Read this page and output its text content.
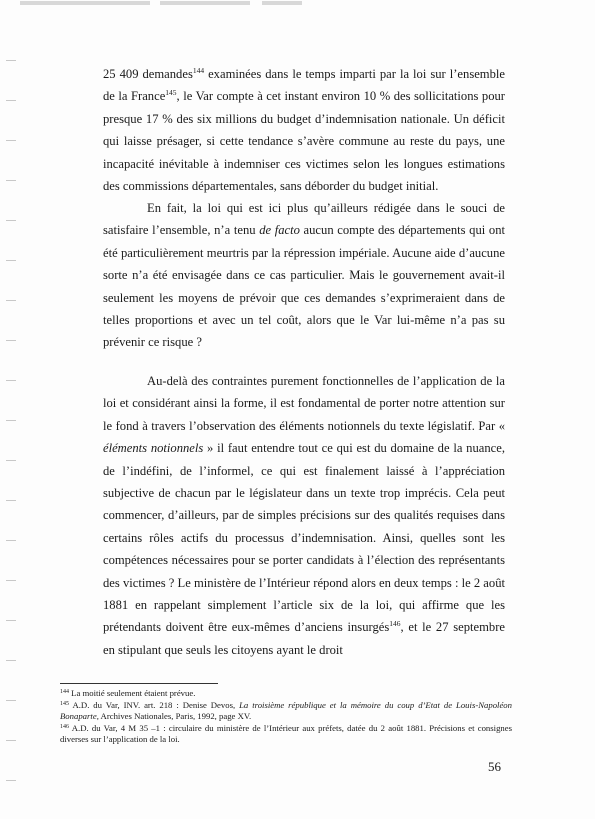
25 409 demandes$^{144}$ examinées dans le temps imparti par la loi sur l’ensemble de la France$^{145}$, le Var compte à cet instant environ 10 % des sollicitations pour presque 17 % des six millions du budget d’indemnisation nationale. Un déficit qui laisse présager, si cette tendance s’avère commune au reste du pays, une incapacité inévitable à indemniser ces victimes selon les longues estimations des commissions départementales, sans déborder du budget initial.

En fait, la loi qui est ici plus qu’ailleurs rédigée dans le souci de satisfaire l’ensemble, n’a tenu de facto aucun compte des départements qui ont été particulièrement meurtris par la répression impériale. Aucune aide d’aucune sorte n’a été envisagée dans ce cas particulier. Mais le gouvernement avait-il seulement les moyens de prévoir que ces demandes s’exprimeraient dans de telles proportions et avec un tel coût, alors que le Var lui-même n’a pas su prévenir ce risque ?

Au-delà des contraintes purement fonctionnelles de l’application de la loi et considérant ainsi la forme, il est fondamental de porter notre attention sur le fond à travers l’observation des éléments notionnels du texte législatif. Par « éléments notionnels » il faut entendre tout ce qui est du domaine de la nuance, de l’indéfini, de l’informel, ce qui est finalement laissé à l’appréciation subjective de chacun par le législateur dans un texte trop imprécis. Cela peut commencer, d’ailleurs, par de simples précisions sur des qualités requises dans certains rôles actifs du processus d’indemnisation. Ainsi, quelles sont les compétences nécessaires pour se porter candidats à l’élection des représentants des victimes ? Le ministère de l’Intérieur répond alors en deux temps : le 2 août 1881 en rappelant simplement l’article six de la loi, qui affirme que les prétendants doivent être eux-mêmes d’anciens insurgés$^{146}$, et le 27 septembre en stipulant que seuls les citoyens ayant le droit

$^{144}$ La moitié seulement étaient prévue.

$^{145}$ A.D. du Var, INV. art. 218 : Denise Devos, La troisième république et la mémoire du coup d’Etat de Louis-Napoléon Bonaparte, Archives Nationales, Paris, 1992, page XV.

$^{146}$ A.D. du Var, 4 M 35 –1 : circulaire du ministère de l’Intérieur aux préfets, datée du 2 août 1881. Précisions et consignes diverses sur l’application de la loi.

56
